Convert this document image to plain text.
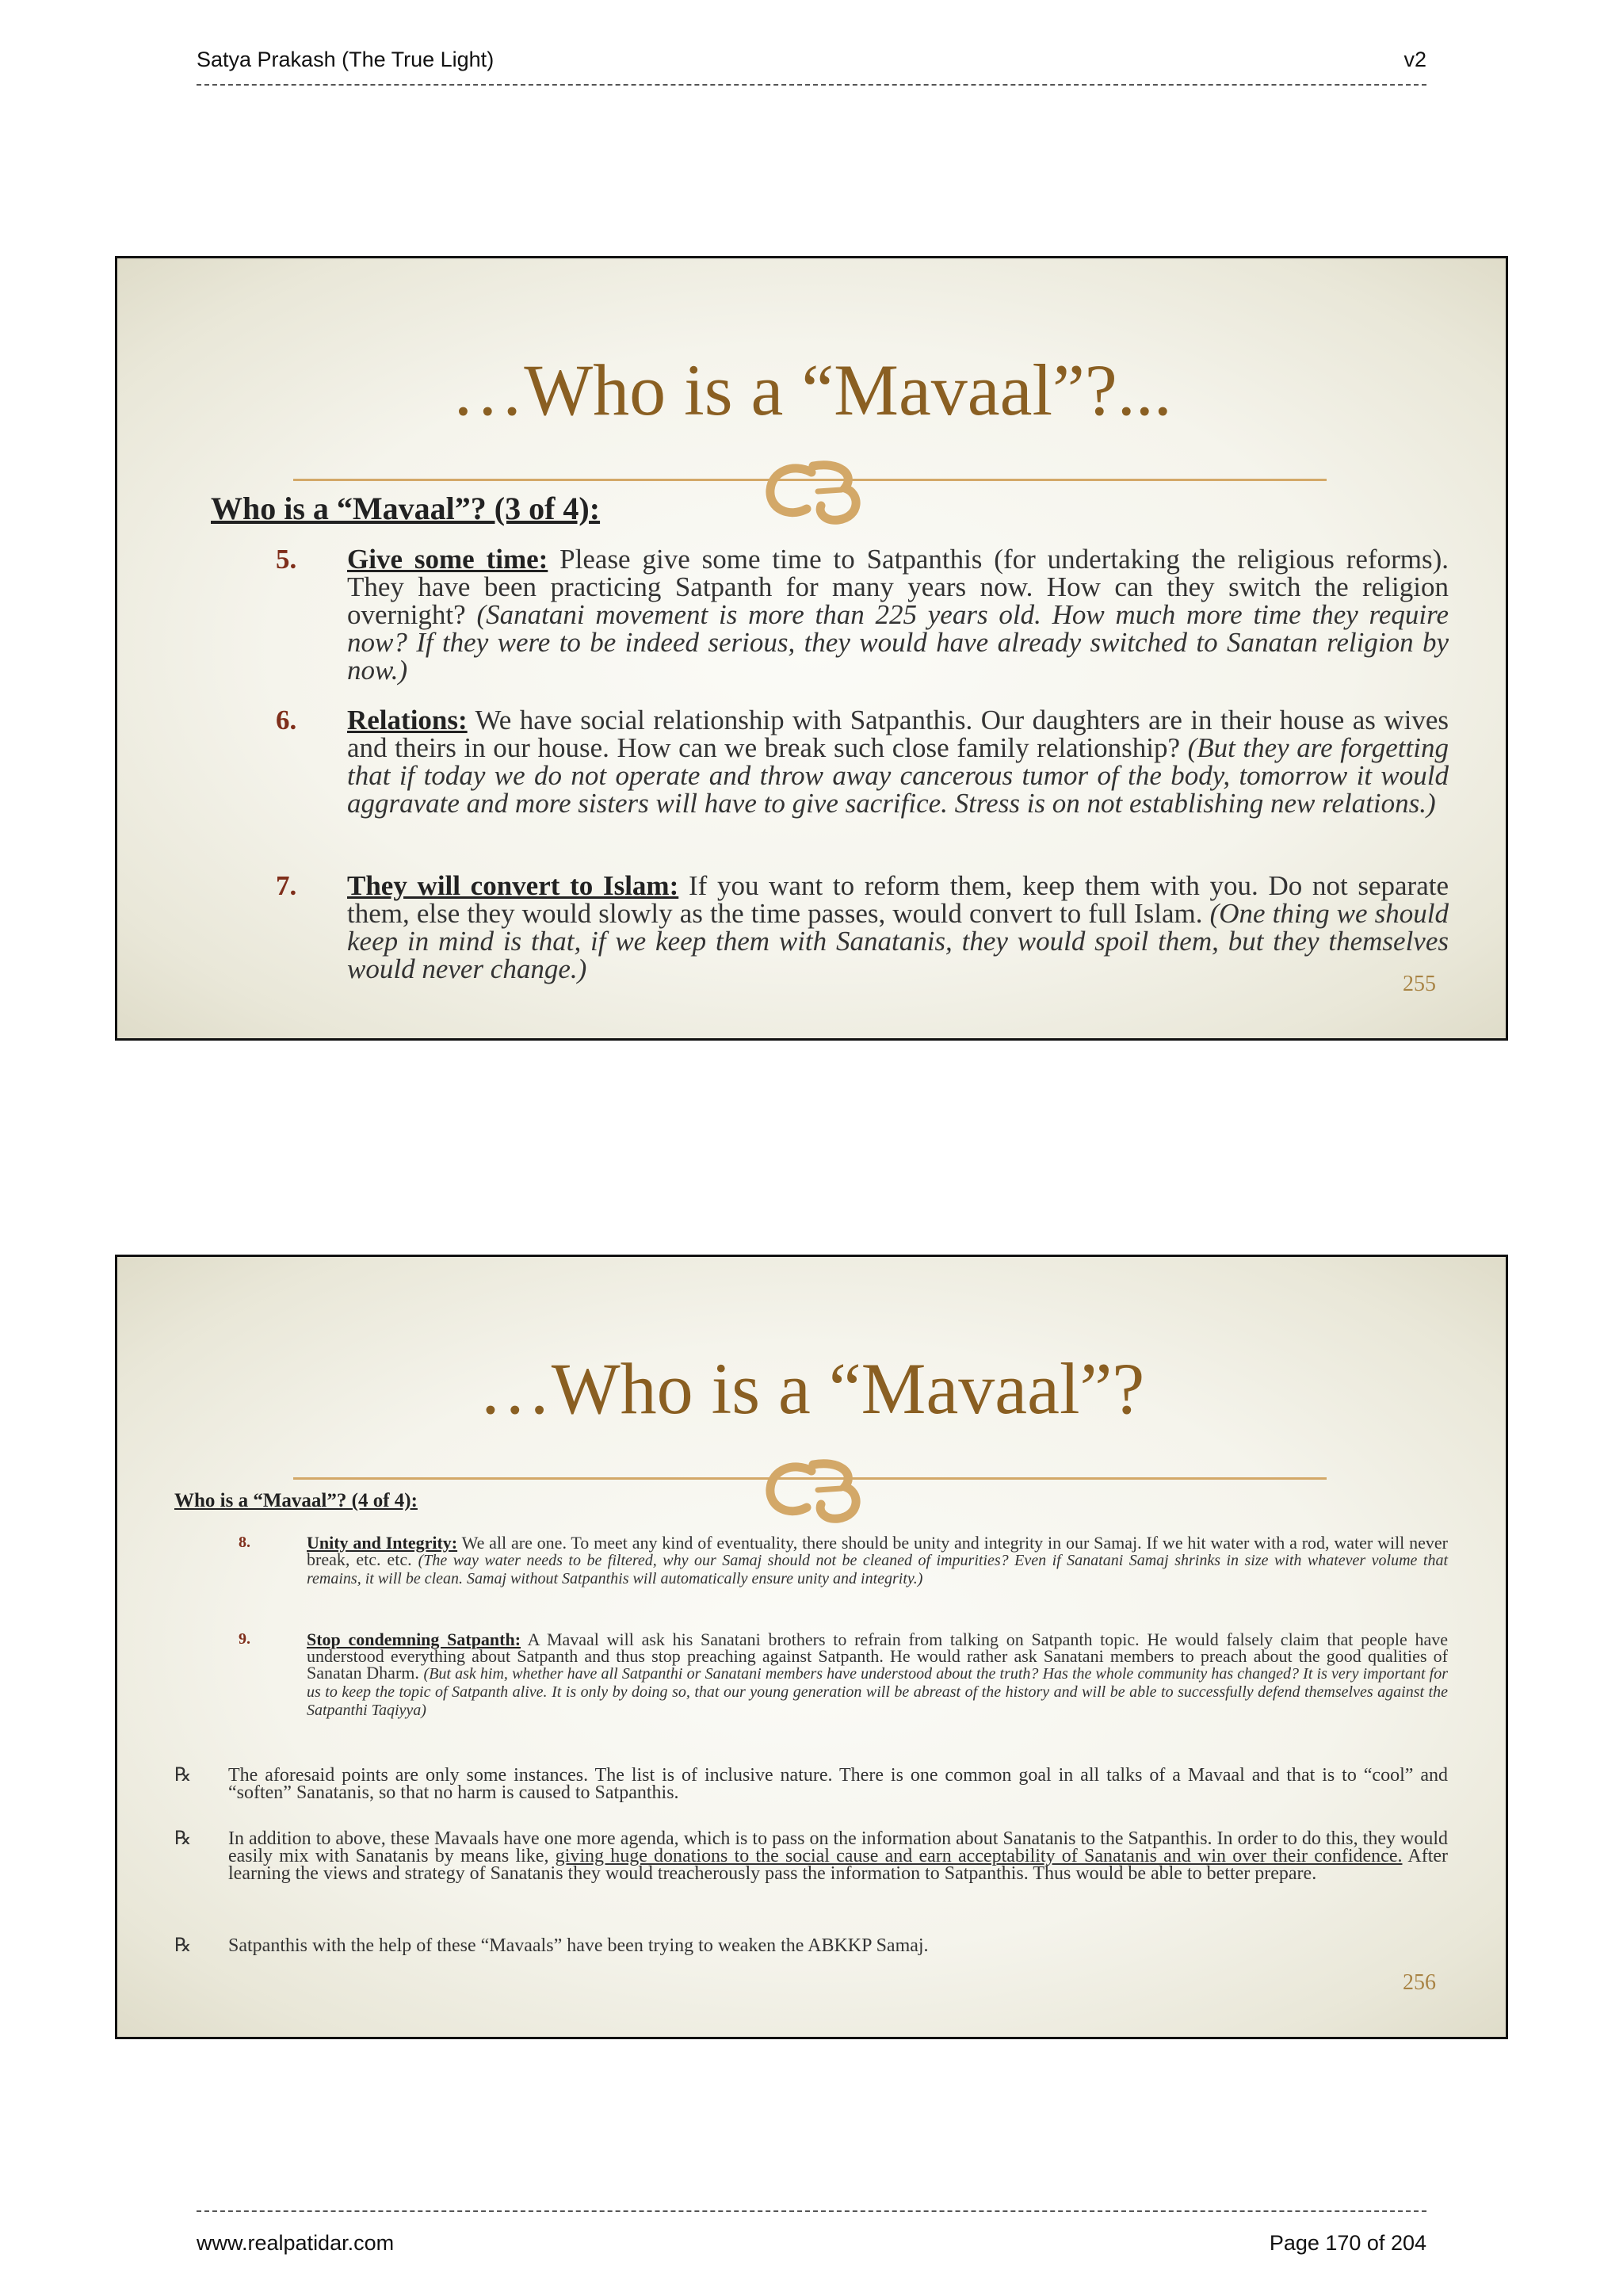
Satya Prakash (The True Light)	v2
…Who is a “Mavaal”?...
Who is a “Mavaal”? (3 of 4):
5. Give some time: Please give some time to Satpanthis (for undertaking the religious reforms). They have been practicing Satpanth for many years now. How can they switch the religion overnight? (Sanatani movement is more than 225 years old. How much more time they require now? If they were to be indeed serious, they would have already switched to Sanatan religion by now.)
6. Relations: We have social relationship with Satpanthis. Our daughters are in their house as wives and theirs in our house. How can we break such close family relationship? (But they are forgetting that if today we do not operate and throw away cancerous tumor of the body, tomorrow it would aggravate and more sisters will have to give sacrifice. Stress is on not establishing new relations.)
7. They will convert to Islam: If you want to reform them, keep them with you. Do not separate them, else they would slowly as the time passes, would convert to full Islam. (One thing we should keep in mind is that, if we keep them with Sanatanis, they would spoil them, but they themselves would never change.)	255
…Who is a “Mavaal”?
Who is a “Mavaal”? (4 of 4):
8.	Unity and Integrity: We all are one. To meet any kind of eventuality, there should be unity and integrity in our Samaj. If we hit water with a rod, water will never break, etc. etc. (The way water needs to be filtered, why our Samaj should not be cleaned of impurities? Even if Sanatani Samaj shrinks in size with whatever volume that remains, it will be clean. Samaj without Satpanthis will automatically ensure unity and integrity.)
9.	Stop condemning Satpanth: A Mavaal will ask his Sanatani brothers to refrain from talking on Satpanth topic. He would falsely claim that people have understood everything about Satpanth and thus stop preaching against Satpanth. He would rather ask Sanatani members to preach about the good qualities of Sanatan Dharm. (But ask him, whether have all Satpanthi or Sanatani members have understood about the truth? Has the whole community has changed? It is very important for us to keep the topic of Satpanth alive. It is only by doing so, that our young generation will be abreast of the history and will be able to successfully defend themselves against the Satpanthi Taqiyya)
℞ The aforesaid points are only some instances. The list is of inclusive nature. There is one common goal in all talks of a Mavaal and that is to “cool” and “soften” Sanatanis, so that no harm is caused to Satpanthis.
℞ In addition to above, these Mavaals have one more agenda, which is to pass on the information about Sanatanis to the Satpanthis. In order to do this, they would easily mix with Sanatanis by means like, giving huge donations to the social cause and earn acceptability of Sanatanis and win over their confidence. After learning the views and strategy of Sanatanis they would treacherously pass the information to Satpanthis. Thus would be able to better prepare.
℞ Satpanthis with the help of these “Mavaals” have been trying to weaken the ABKKP Samaj.
256
www.realpatidar.com	Page 170 of 204
